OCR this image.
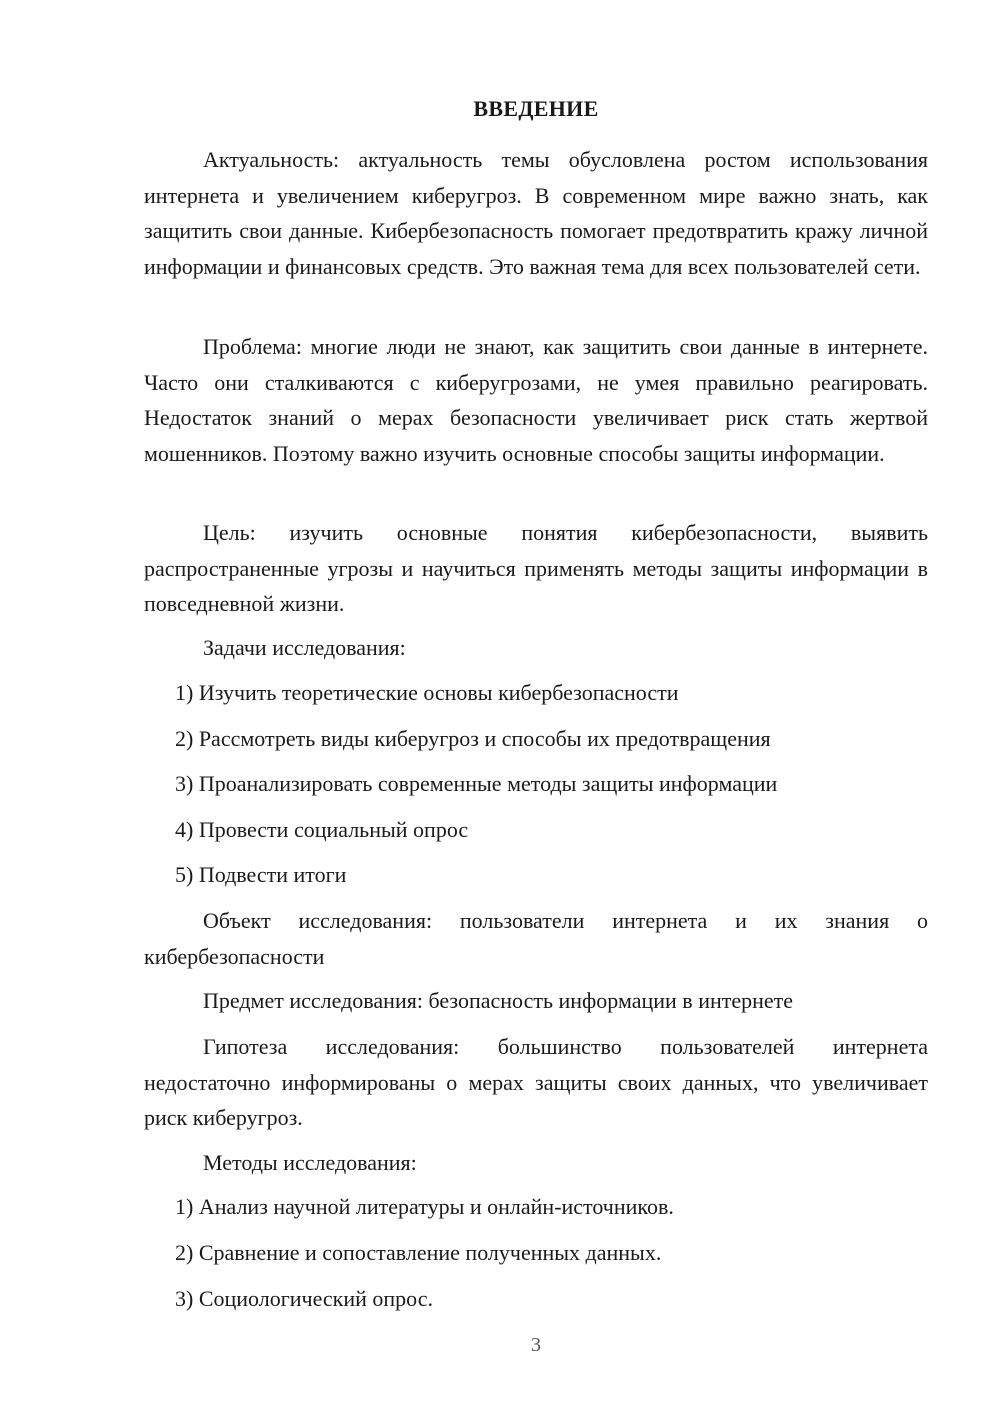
ВВЕДЕНИЕ

Актуальность: актуальность темы обусловлена ростом использования интернета и увеличением киберугроз. В современном мире важно знать, как защитить свои данные. Кибербезопасность помогает предотвратить кражу личной информации и финансовых средств. Это важная тема для всех пользователей сети.

Проблема: многие люди не знают, как защитить свои данные в интернете. Часто они сталкиваются с киберугрозами, не умея правильно реагировать. Недостаток знаний о мерах безопасности увеличивает риск стать жертвой мошенников. Поэтому важно изучить основные способы защиты информации.

Цель: изучить основные понятия кибербезопасности, выявить распространенные угрозы и научиться применять методы защиты информации в повседневной жизни.

Задачи исследования:
1) Изучить теоретические основы кибербезопасности
2) Рассмотреть виды киберугроз и способы их предотвращения
3) Проанализировать современные методы защиты информации
4) Провести социальный опрос
5) Подвести итоги

Объект исследования: пользователи интернета и их знания о кибербезопасности

Предмет исследования: безопасность информации в интернете

Гипотеза исследования: большинство пользователей интернета недостаточно информированы о мерах защиты своих данных, что увеличивает риск киберугроз.

Методы исследования:
1) Анализ научной литературы и онлайн-источников.
2) Сравнение и сопоставление полученных данных.
3) Социологический опрос.
3
